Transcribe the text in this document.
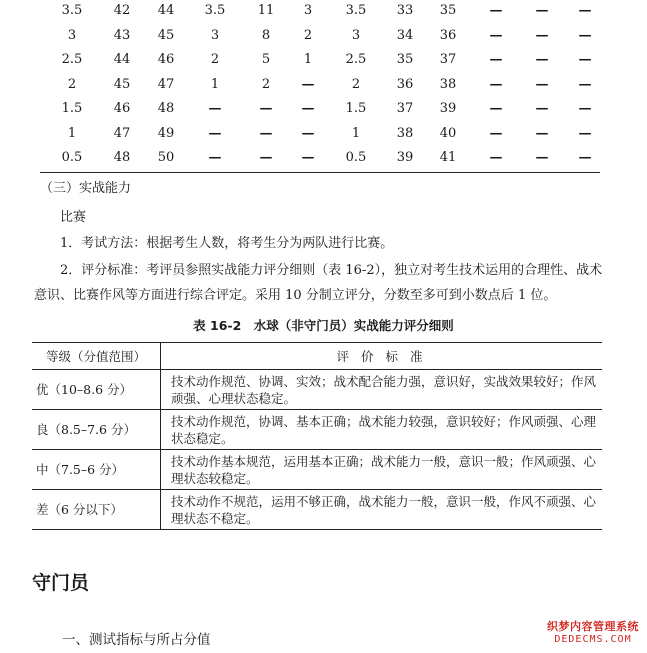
3.5	42	44	3.5	11	3	3.5	33	35	—	—	—
3	43	45	3	8	2	3	34	36	—	—	—
2.5	44	46	2	5	1	2.5	35	37	—	—	—
2	45	47	1	2	—	2	36	38	—	—	—
1.5	46	48	—	—	—	1.5	37	39	—	—	—
1	47	49	—	—	—	1	38	40	—	—	—
0.5	48	50	—	—	—	0.5	39	41	—	—	—
（三）实战能力
比赛
1．考试方法：根据考生人数，将考生分为两队进行比赛。
2．评分标准：考评员参照实战能力评分细则（表 16-2），独立对考生技术运用的合理性、战术意识、比赛作风等方面进行综合评定。采用 10 分制立评分，分数至多可到小数点后 1 位。
表 16-2　水球（非守门员）实战能力评分细则
等级（分值范围）	评 价 标 准
优（10–8.6 分）	技术动作规范、协调、实效；战术配合能力强，意识好，实战效果较好；作风顽强、心理状态稳定。
良（8.5–7.6 分）	技术动作规范，协调、基本正确；战术能力较强，意识较好；作风顽强、心理状态稳定。
中（7.5–6 分）	技术动作基本规范，运用基本正确；战术能力一般，意识一般；作风顽强、心理状态较稳定。
差（6 分以下）	技术动作不规范，运用不够正确，战术能力一般，意识一般，作风不顽强、心理状态不稳定。
守门员
一、测试指标与所占分值
织梦内容管理系统
DEDECMS.COM
